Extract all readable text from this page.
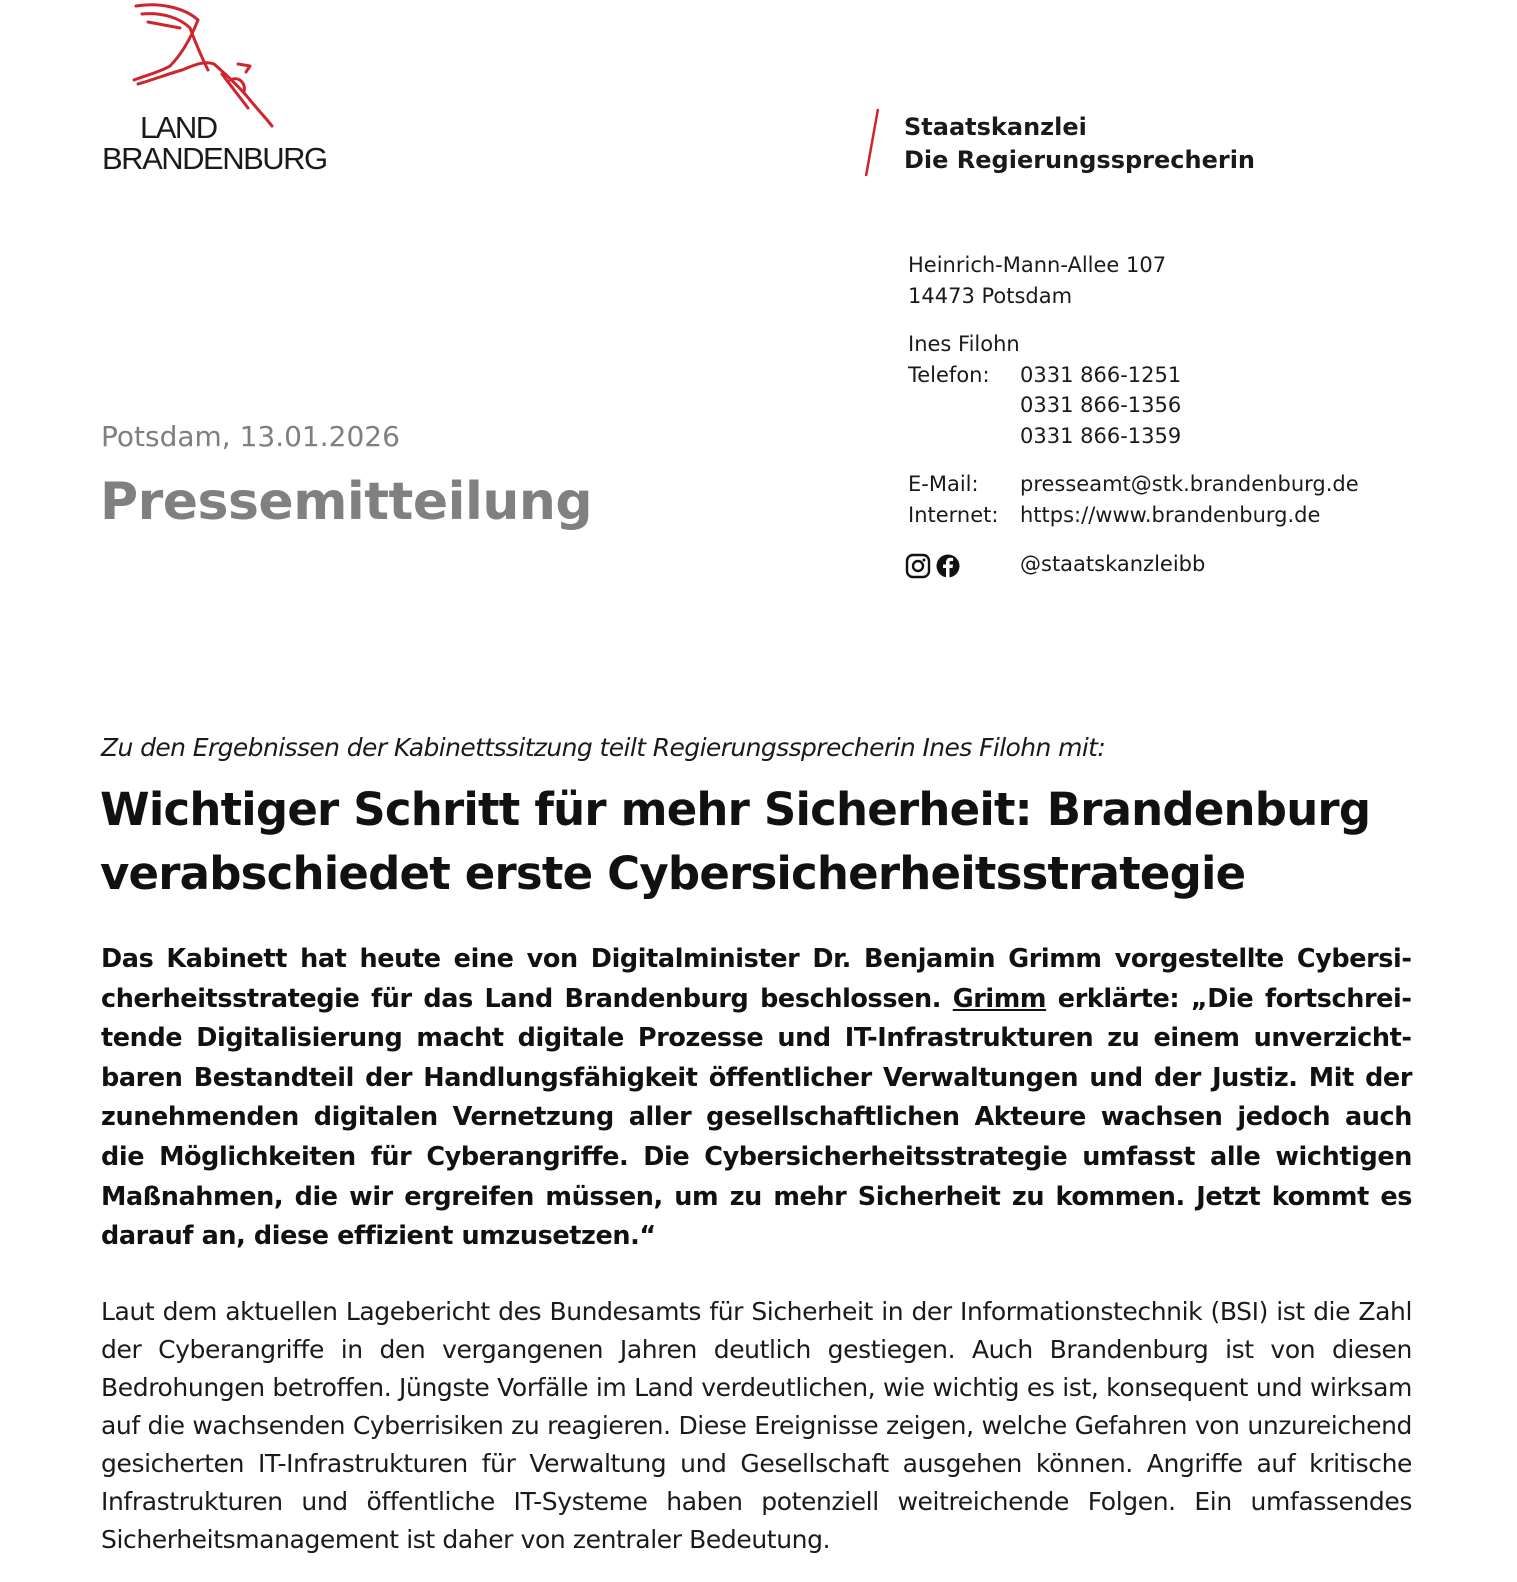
LAND
BRANDENBURG
Staatskanzlei
Die Regierungssprecherin
Heinrich-Mann-Allee 107
14473 Potsdam
Ines Filohn
Telefon:	0331 866-1251
0331 866-1356
0331 866-1359
E-Mail:	presseamt@stk.brandenburg.de
Internet:	https://www.brandenburg.de
@staatskanzleibb
Potsdam, 13.01.2026
Pressemitteilung
Zu den Ergebnissen der Kabinettssitzung teilt Regierungssprecherin Ines Filohn mit:
Wichtiger Schritt für mehr Sicherheit: Brandenburg verabschiedet erste Cybersicherheitsstrategie

Das Kabinett hat heute eine von Digitalminister Dr. Benjamin Grimm vorgestellte Cybersicherheitsstrategie für das Land Brandenburg beschlossen. Grimm erklärte: „Die fortschreitende Digitalisierung macht digitale Prozesse und IT-Infrastrukturen zu einem unverzichtbaren Bestandteil der Handlungsfähigkeit öffentlicher Verwaltungen und der Justiz. Mit der zunehmenden digitalen Vernetzung aller gesellschaftlichen Akteure wachsen jedoch auch die Möglichkeiten für Cyberangriffe. Die Cybersicherheitsstrategie umfasst alle wichtigen Maßnahmen, die wir ergreifen müssen, um zu mehr Sicherheit zu kommen. Jetzt kommt es darauf an, diese effizient umzusetzen.“

Laut dem aktuellen Lagebericht des Bundesamts für Sicherheit in der Informationstechnik (BSI) ist die Zahl der Cyberangriffe in den vergangenen Jahren deutlich gestiegen. Auch Brandenburg ist von diesen Bedrohungen betroffen. Jüngste Vorfälle im Land verdeutlichen, wie wichtig es ist, konsequent und wirksam auf die wachsenden Cyberrisiken zu reagieren. Diese Ereignisse zeigen, welche Gefahren von unzureichend gesicherten IT-Infrastrukturen für Verwaltung und Gesellschaft ausgehen können. Angriffe auf kritische Infrastrukturen und öffentliche IT-Systeme haben potenziell weitreichende Folgen. Ein umfassendes Sicherheitsmanagement ist daher von zentraler Bedeutung.
